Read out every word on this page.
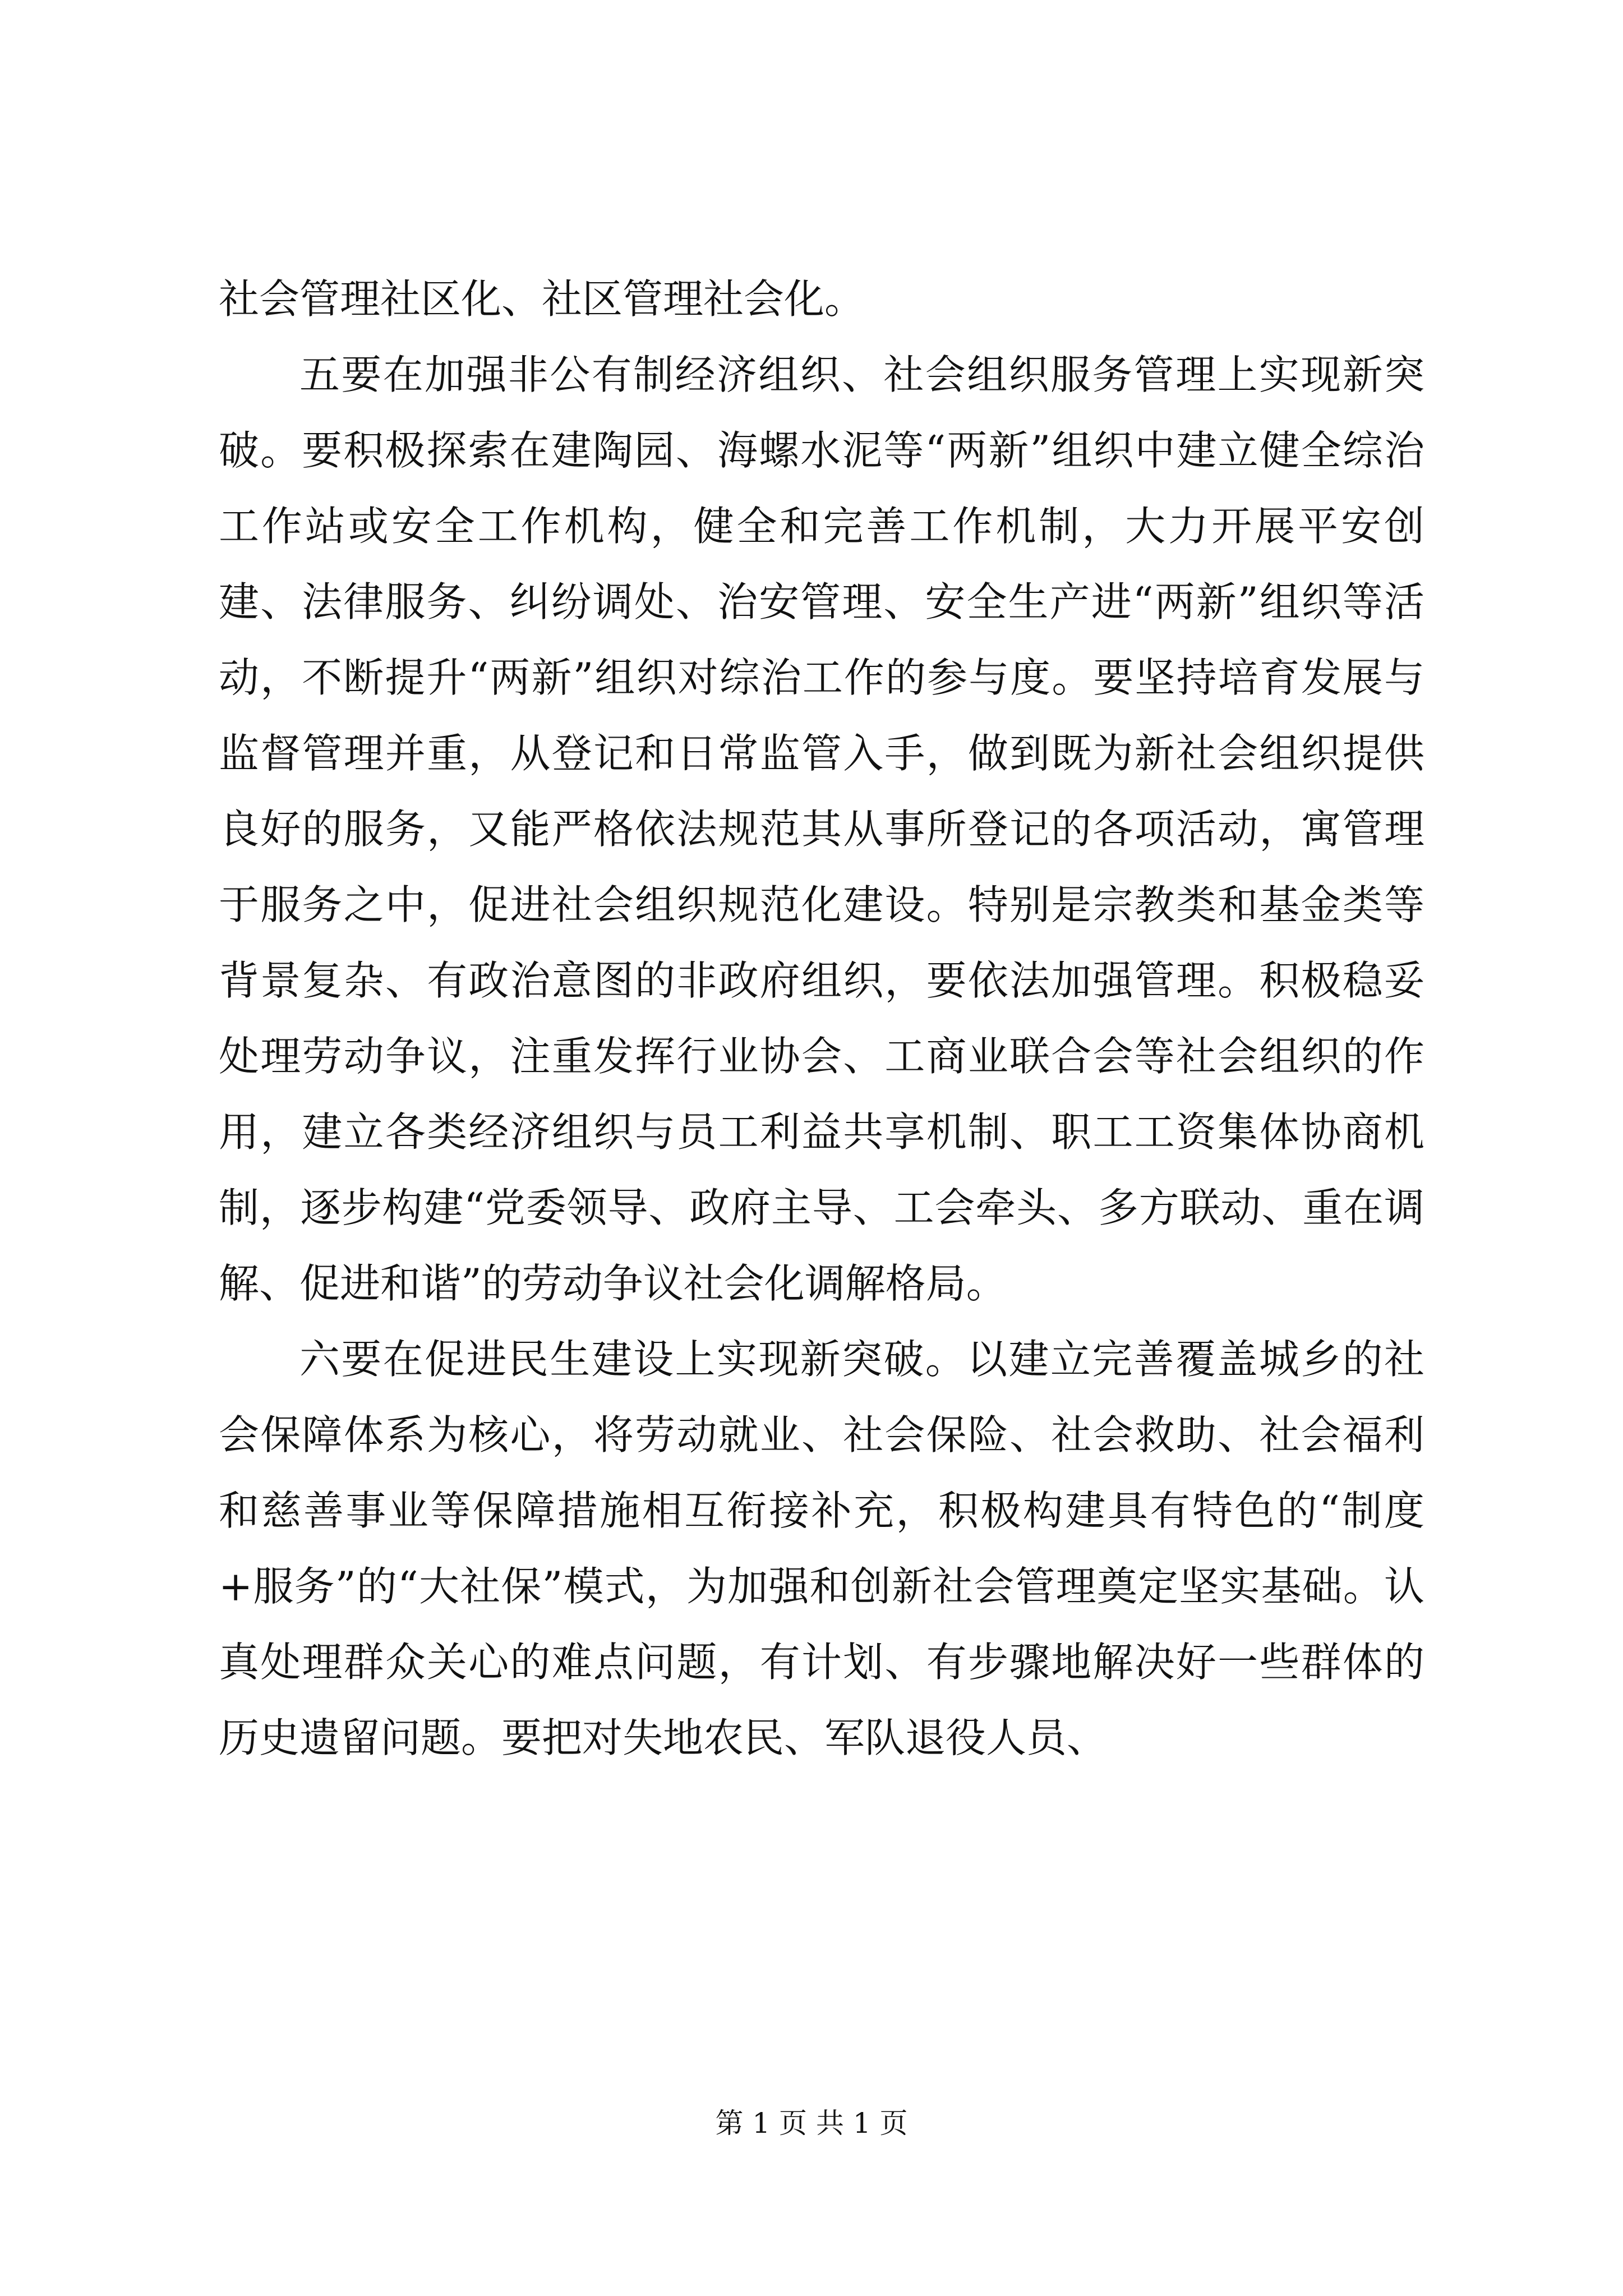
社会管理社区化、社区管理社会化。

五要在加强非公有制经济组织、社会组织服务管理上实现新突破。要积极探索在建陶园、海螺水泥等“两新”组织中建立健全综治工作站或安全工作机构，健全和完善工作机制，大力开展平安创建、法律服务、纠纷调处、治安管理、安全生产进“两新”组织等活动，不断提升“两新”组织对综治工作的参与度。要坚持培育发展与监督管理并重，从登记和日常监管入手，做到既为新社会组织提供良好的服务，又能严格依法规范其从事所登记的各项活动，寓管理于服务之中，促进社会组织规范化建设。特别是宗教类和基金类等背景复杂、有政治意图的非政府组织，要依法加强管理。积极稳妥处理劳动争议，注重发挥行业协会、工商业联合会等社会组织的作用，建立各类经济组织与员工利益共享机制、职工工资集体协商机制，逐步构建“党委领导、政府主导、工会牵头、多方联动、重在调解、促进和谐”的劳动争议社会化调解格局。

六要在促进民生建设上实现新突破。以建立完善覆盖城乡的社会保障体系为核心，将劳动就业、社会保险、社会救助、社会福利和慈善事业等保障措施相互衔接补充，积极构建具有特色的“制度+服务”的“大社保”模式，为加强和创新社会管理奠定坚实基础。认真处理群众关心的难点问题，有计划、有步骤地解决好一些群体的历史遗留问题。要把对失地农民、军队退役人员、

第 1 页 共 1 页
